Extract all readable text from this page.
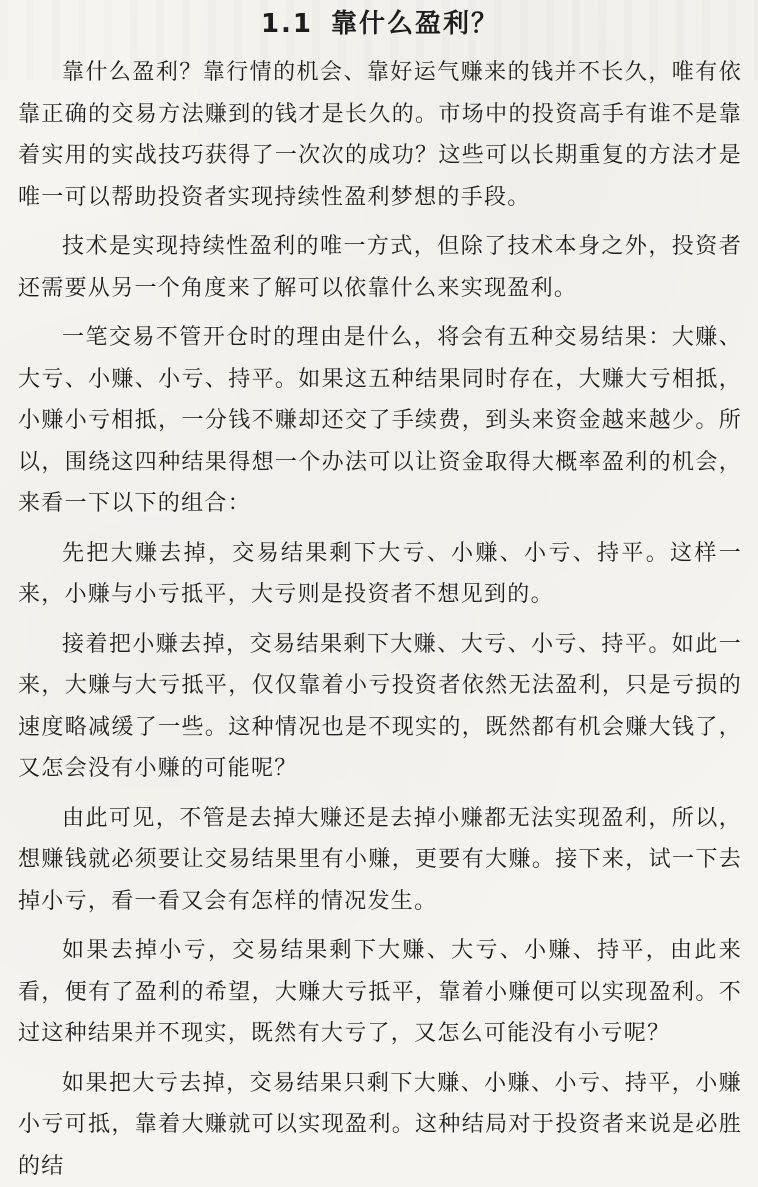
1.1 靠什么盈利？

靠什么盈利？靠行情的机会、靠好运气赚来的钱并不长久，唯有依靠正确的交易方法赚到的钱才是长久的。市场中的投资高手有谁不是靠着实用的实战技巧获得了一次次的成功？这些可以长期重复的方法才是唯一可以帮助投资者实现持续性盈利梦想的手段。

技术是实现持续性盈利的唯一方式，但除了技术本身之外，投资者还需要从另一个角度来了解可以依靠什么来实现盈利。

一笔交易不管开仓时的理由是什么，将会有五种交易结果：大赚、大亏、小赚、小亏、持平。如果这五种结果同时存在，大赚大亏相抵，小赚小亏相抵，一分钱不赚却还交了手续费，到头来资金越来越少。所以，围绕这四种结果得想一个办法可以让资金取得大概率盈利的机会，来看一下以下的组合：

先把大赚去掉，交易结果剩下大亏、小赚、小亏、持平。这样一来，小赚与小亏抵平，大亏则是投资者不想见到的。

接着把小赚去掉，交易结果剩下大赚、大亏、小亏、持平。如此一来，大赚与大亏抵平，仅仅靠着小亏投资者依然无法盈利，只是亏损的速度略减缓了一些。这种情况也是不现实的，既然都有机会赚大钱了，又怎会没有小赚的可能呢？

由此可见，不管是去掉大赚还是去掉小赚都无法实现盈利，所以，想赚钱就必须要让交易结果里有小赚，更要有大赚。接下来，试一下去掉小亏，看一看又会有怎样的情况发生。

如果去掉小亏，交易结果剩下大赚、大亏、小赚、持平，由此来看，便有了盈利的希望，大赚大亏抵平，靠着小赚便可以实现盈利。不过这种结果并不现实，既然有大亏了，又怎么可能没有小亏呢？

如果把大亏去掉，交易结果只剩下大赚、小赚、小亏、持平，小赚小亏可抵，靠着大赚就可以实现盈利。这种结局对于投资者来说是必胜的结
